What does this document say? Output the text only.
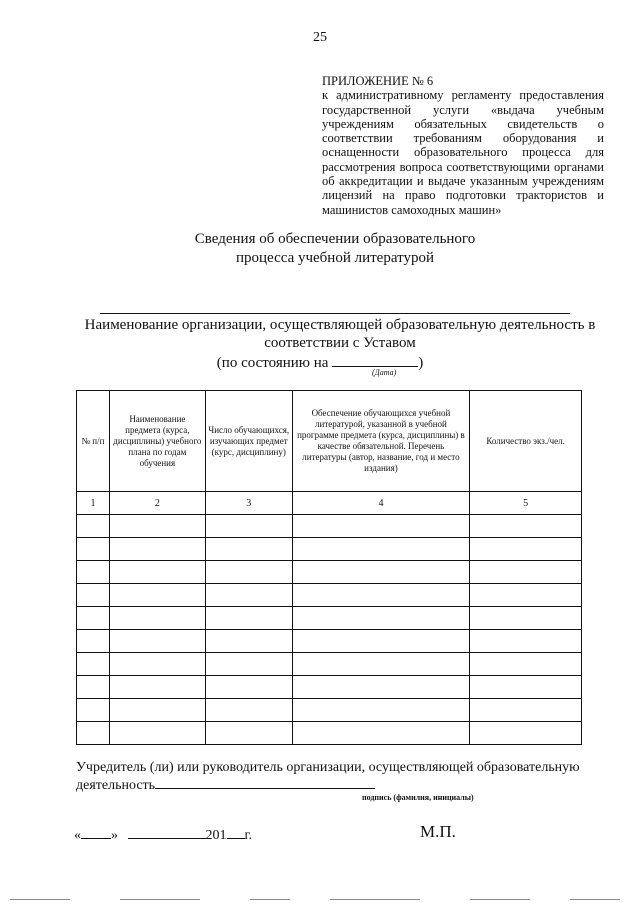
25
ПРИЛОЖЕНИЕ № 6
к административному регламенту предоставления государственной услуги «выдача учебным учреждениям обязательных свидетельств о соответствии требованиям оборудования и оснащенности образовательного процесса для рассмотрения вопроса соответствующими органами об аккредитации и выдаче указанным учреждениям лицензий на право подготовки трактористов и машинистов самоходных машин»
Сведения об обеспечении образовательного
процесса учебной литературой
Наименование организации, осуществляющей образовательную деятельность в
соответствии с Уставом
(по состоянию на	)
(Дата)
№ п/п	Наименование предмета (курса, дисциплины) учебного плана по годам обучения	Число обучающихся, изучающих предмет (курс, дисциплину)	Обеспечение обучающихся учебной литературой, указанной в учебной программе предмета (курса, дисциплины) в качестве обязательной. Перечень литературы (автор, название, год и место издания)	Количество экз./чел.
1	2	3	4	5

Учредитель (ли) или руководитель организации, осуществляющей образовательную
деятельность
подпись (фамилия, инициалы)
« »	201 г.	М.П.
